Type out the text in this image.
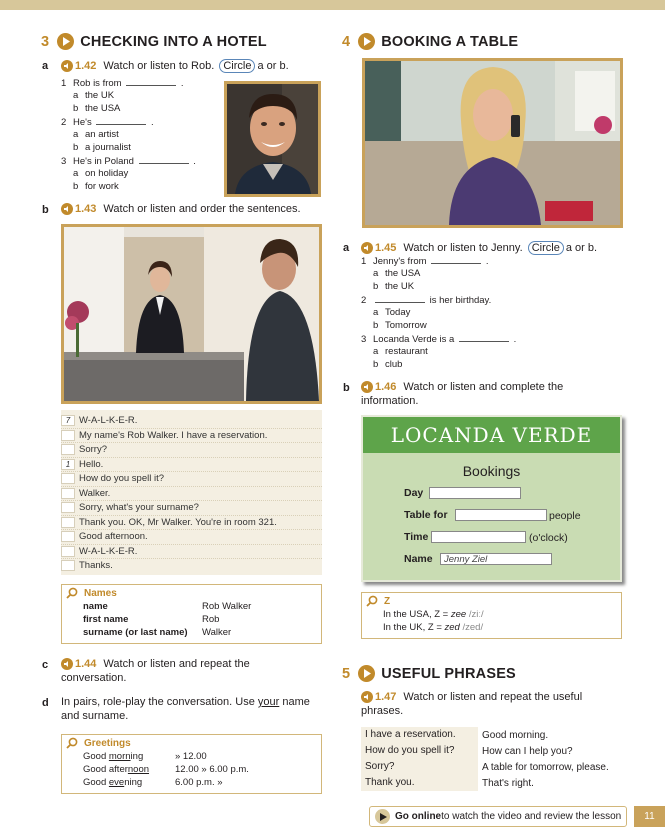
3 CHECKING INTO A HOTEL
a 1.42 Watch or listen to Rob.
Circle a or b.
1 Rob is from	.
a the UK
b the USA
2 He's	.
a an artist
b a journalist
3 He's in Poland	.
a on holiday
b for work
b 1.43 Watch or listen and order the sentences.
7 W-A-L-K-E-R.
My name's Rob Walker. I have a reservation.
Sorry?
1 Hello.
How do you spell it?
Walker.
Sorry, what's your surname?
Thank you. OK, Mr Walker. You're in room 321.
Good afternoon.
W-A-L-K-E-R.
Thanks.
Names
name	Rob Walker
first name	Rob
surname (or last name) Walker
c 1.44 Watch or listen and repeat the
conversation.
d In pairs, role-play the conversation. Use
your
name
and surname.
Greetings
Good morning	» 12.00
Good afternoon	12.00 » 6.00 p.m.
Good evening	6.00 p.m. »
4 BOOKING A TABLE
a 1.45 Watch or listen to Jenny.
Circle a or b.
1 Jenny's from	.
a the USA
b the UK
2	is her birthday.
a Today
b Tomorrow
3 Locanda Verde is a	.
a restaurant
b club
b 1.46 Watch or listen and complete the
information.
LOCANDA VERDE
Bookings
Day
Table for	people
Time	(o'clock)
Name	Jenny Ziel
Z
In the USA, Z = zee /ziː/
In the UK, Z = zed /zed/
5 USEFUL PHRASES
1.47 Watch or listen and repeat the useful
phrases.
I have a reservation.	Good morning.
How do you spell it?	How can I help you?
Sorry?	A table for tomorrow, please.
Thank you.	That's right.
Go online to watch the video and review the lesson	11
